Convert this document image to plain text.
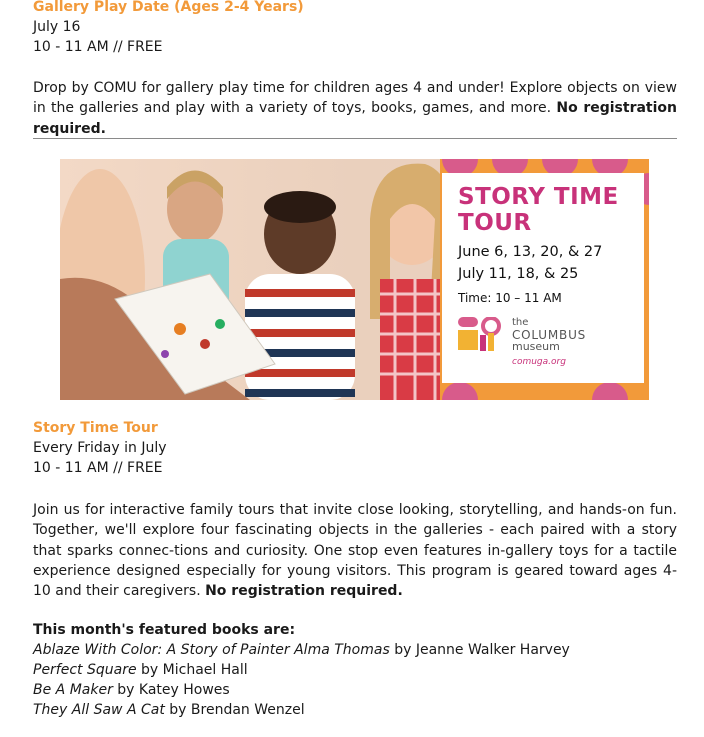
Gallery Play Date (Ages 2-4 Years)

July 16

10 - 11 AM // FREE

Drop by COMU for gallery play time for children ages 4 and under! Explore objects on view in the galleries and play with a variety of toys, books, games, and more. No registration required.

STORY TIME
TOUR
June 6, 13, 20, & 27
July 11, 18, & 25
Time: 10 – 11 AM
the
COLUMBUS
museum
comuga.org

Story Time Tour

Every Friday in July

10 - 11 AM // FREE

Join us for interactive family tours that invite close looking, storytelling, and hands-on fun. Together, we'll explore four fascinating objects in the galleries - each paired with a story that sparks connec-tions and curiosity. One stop even features in-gallery toys for a tactile experience designed especially for young visitors. This program is geared toward ages 4-10 and their caregivers. No registration required.

This month's featured books are:

Ablaze With Color: A Story of Painter Alma Thomas by Jeanne Walker Harvey

Perfect Square by Michael Hall

Be A Maker by Katey Howes

They All Saw A Cat by Brendan Wenzel
